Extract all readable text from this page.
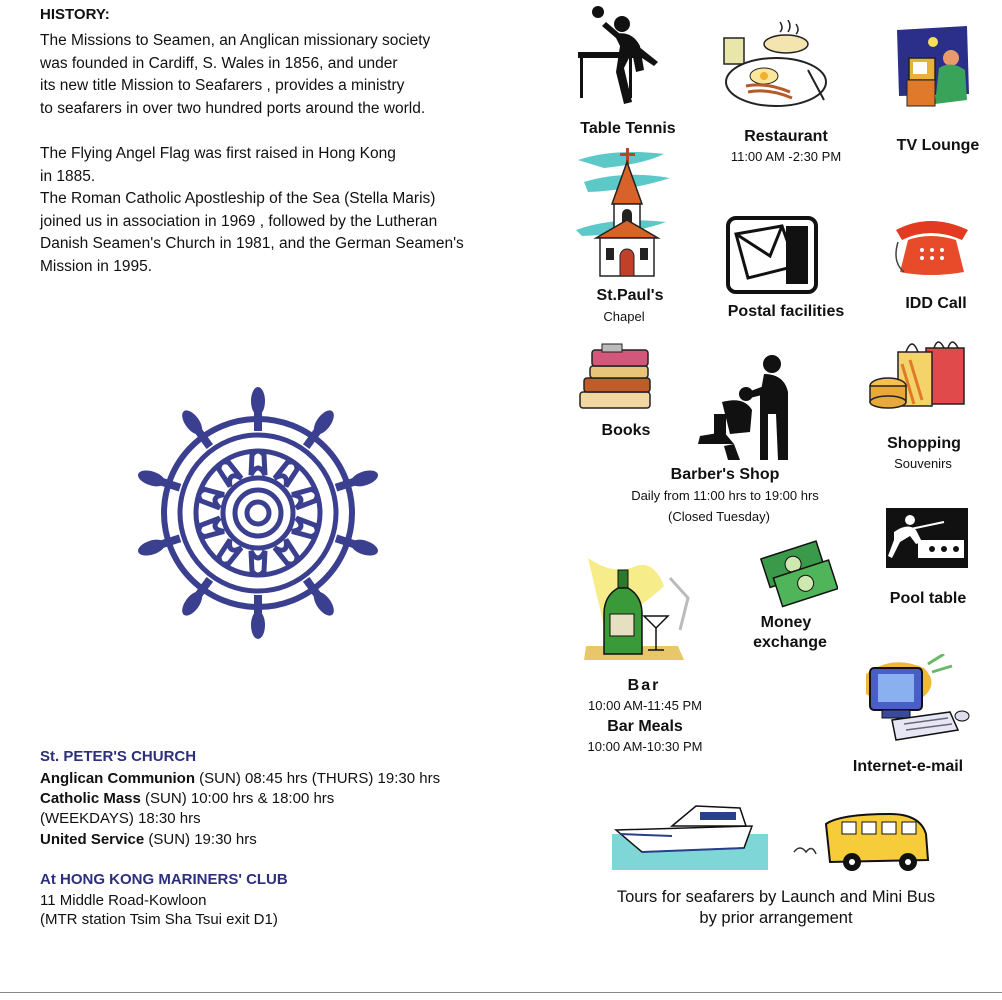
HISTORY:
The Missions to Seamen, an Anglican missionary society
was founded in Cardiff, S. Wales in 1856, and under
its new title Mission to Seafarers , provides a ministry
to seafarers in over two hundred ports around the world.
The Flying Angel Flag was first raised in Hong Kong
in 1885.
The Roman Catholic Apostleship of the Sea (Stella Maris)
joined us in association in 1969 , followed by the Lutheran
Danish Seamen's Church in 1981, and the German Seamen's
Mission in 1995.
St. PETER'S CHURCH
Anglican Communion (SUN) 08:45 hrs (THURS) 19:30 hrs
Catholic Mass (SUN) 10:00 hrs & 18:00 hrs
(WEEKDAYS) 18:30 hrs
United Service (SUN) 19:30 hrs
At HONG KONG MARINERS' CLUB
11 Middle Road-Kowloon
(MTR station Tsim Sha Tsui exit D1)
Table Tennis	Restaurant
11:00 AM -2:30 PM
TV Lounge
St.Paul's
Chapel	Postal facilities	IDD Call
Books
Barber's Shop
Daily from 11:00 hrs to 19:00 hrs
(Closed Tuesday)
Shopping
Souvenirs
Pool table
Money
exchange
Bar
10:00 AM-11:45 PM
Bar Meals
10:00 AM-10:30 PM
Internet-e-mail
Tours for seafarers by Launch and Mini Bus
by prior arrangement
